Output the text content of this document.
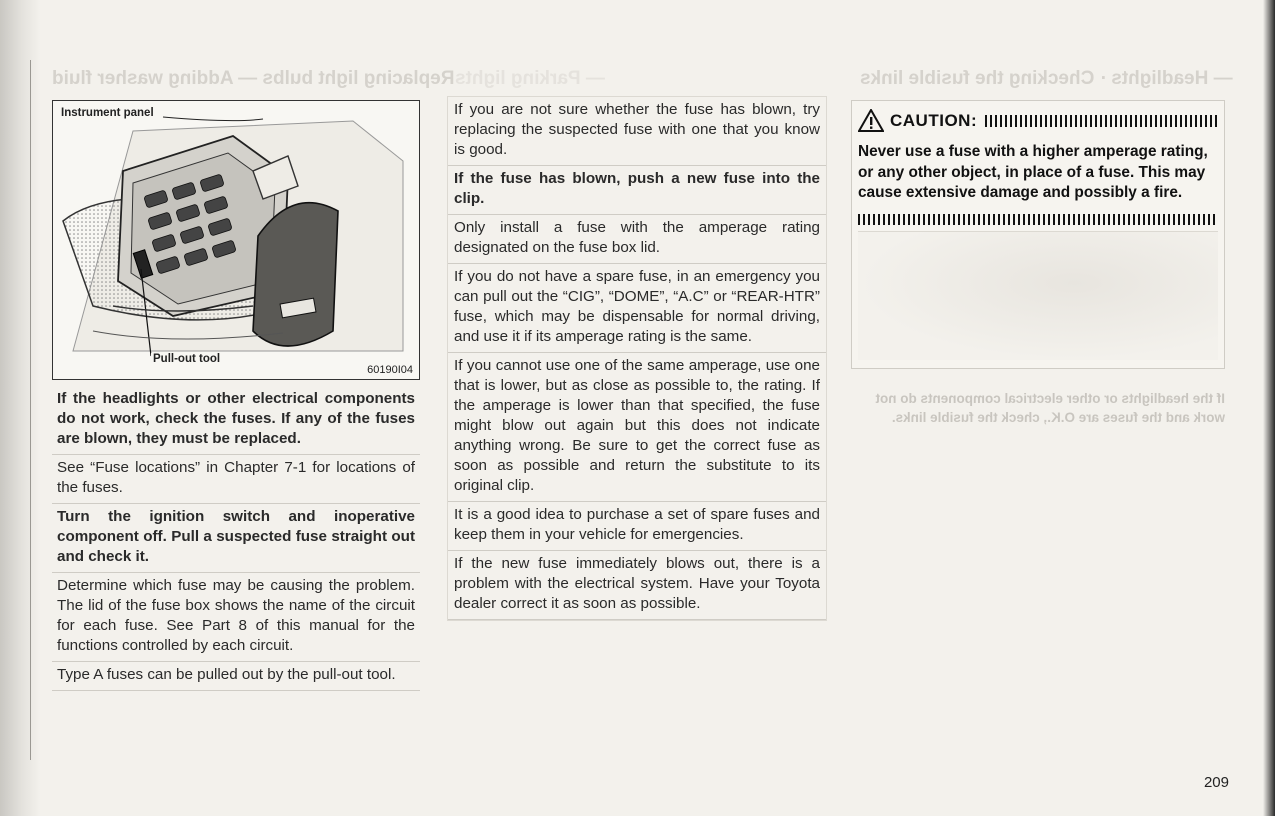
Replacing light bulbs — Adding washer fluid — Parking lights	— Headlights · Checking the fusible links
Instrument panel
Pull-out tool
60190I04
If the headlights or other electrical components do not work, check the fuses. If any of the fuses are blown, they must be replaced.
See “Fuse locations” in Chapter 7-1 for locations of the fuses.
Turn the ignition switch and inoperative component off. Pull a suspected fuse straight out and check it.
Determine which fuse may be causing the problem. The lid of the fuse box shows the name of the circuit for each fuse. See Part 8 of this manual for the functions controlled by each circuit.
Type A fuses can be pulled out by the pull-out tool.
If you are not sure whether the fuse has blown, try replacing the suspected fuse with one that you know is good.
If the fuse has blown, push a new fuse into the clip.
Only install a fuse with the amperage rating designated on the fuse box lid.
If you do not have a spare fuse, in an emergency you can pull out the “CIG”, “DOME”, “A.C” or “REAR-HTR” fuse, which may be dispensable for normal driving, and use it if its amperage rating is the same.
If you cannot use one of the same amperage, use one that is lower, but as close as possible to, the rating. If the amperage is lower than that specified, the fuse might blow out again but this does not indicate anything wrong. Be sure to get the correct fuse as soon as possible and return the substitute to its original clip.
It is a good idea to purchase a set of spare fuses and keep them in your vehicle for emergencies.
If the new fuse immediately blows out, there is a problem with the electrical system. Have your Toyota dealer correct it as soon as possible.
CAUTION:
Never use a fuse with a higher amperage rating, or any other object, in place of a fuse. This may cause extensive damage and possibly a fire.
If the headlights or other electrical components do not work and the fuses are O.K., check the fusible links.
209
